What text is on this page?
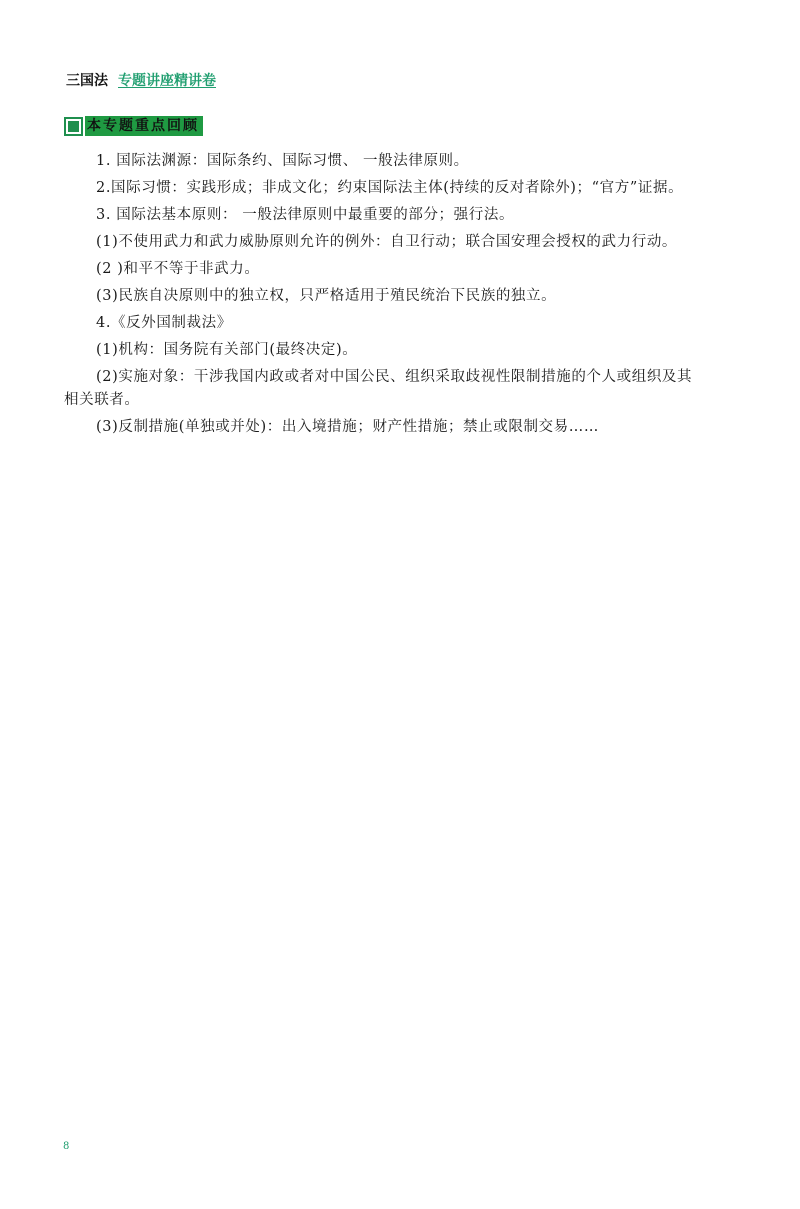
三国法 专题讲座精讲卷
本专题重点回顾

1. 国际法渊源：国际条约、国际习惯、 一般法律原则。

2.国际习惯：实践形成；非成文化；约束国际法主体(持续的反对者除外)；“官方”证据。

3. 国际法基本原则： 一般法律原则中最重要的部分；强行法。

(1)不使用武力和武力威胁原则允许的例外：自卫行动；联合国安理会授权的武力行动。

(2 )和平不等于非武力。

(3)民族自决原则中的独立权，只严格适用于殖民统治下民族的独立。

4.《反外国制裁法》

(1)机构：国务院有关部门(最终决定)。

(2)实施对象：干涉我国内政或者对中国公民、组织采取歧视性限制措施的个人或组织及其相关联者。

(3)反制措施(单独或并处)：出入境措施；财产性措施；禁止或限制交易……

8
